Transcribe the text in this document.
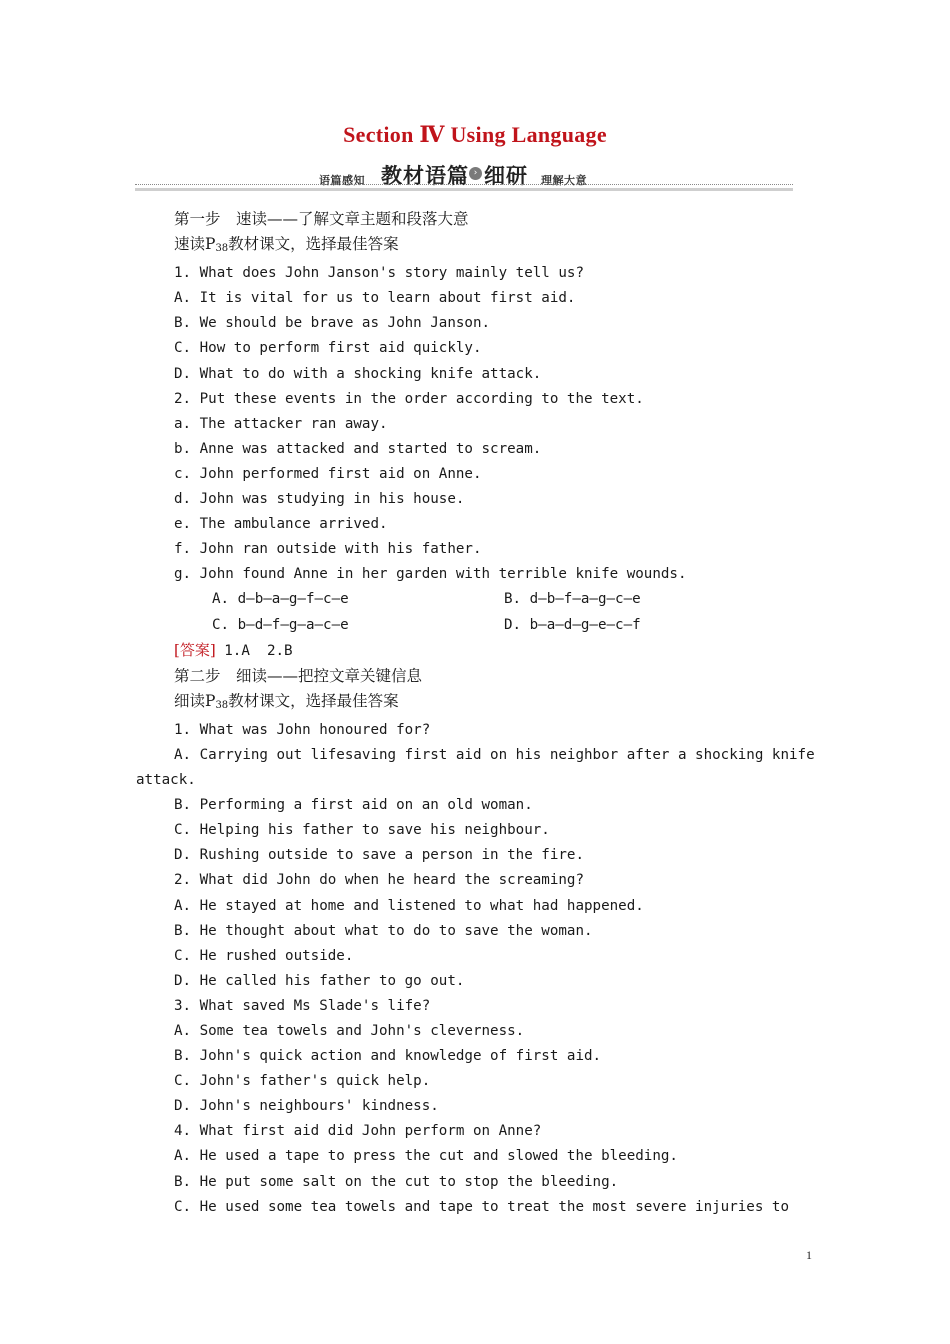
Section Ⅳ Using Language
语篇感知 教材语篇 › 细研 理解大意
第一步　速读——了解文章主题和段落大意
速读$P_{38}$教材课文，选择最佳答案
1. What does John Janson's story mainly tell us?
A. It is vital for us to learn about first aid.
B. We should be brave as John Janson.
C. How to perform first aid quickly.
D. What to do with a shocking knife attack.
2. Put these events in the order according to the text.
a. The attacker ran away.
b. Anne was attacked and started to scream.
c. John performed first aid on Anne.
d. John was studying in his house.
e. The ambulance arrived.
f. John ran outside with his father.
g. John found Anne in her garden with terrible knife wounds.
A. d—b—a—g—f—c—e	B. d—b—f—a—g—c—e
C. b—d—f—g—a—c—e	D. b—a—d—g—e—c—f
[答案] 1.A  2.B
第二步　细读——把控文章关键信息
细读$P_{38}$教材课文，选择最佳答案
1. What was John honoured for?
A. Carrying out lifesaving first aid on his neighbor after a shocking knife
attack.
B. Performing a first aid on an old woman.
C. Helping his father to save his neighbour.
D. Rushing outside to save a person in the fire.
2. What did John do when he heard the screaming?
A. He stayed at home and listened to what had happened.
B. He thought about what to do to save the woman.
C. He rushed outside.
D. He called his father to go out.
3. What saved Ms Slade's life?
A. Some tea towels and John's cleverness.
B. John's quick action and knowledge of first aid.
C. John's father's quick help.
D. John's neighbours' kindness.
4. What first aid did John perform on Anne?
A. He used a tape to press the cut and slowed the bleeding.
B. He put some salt on the cut to stop the bleeding.
C. He used some tea towels and tape to treat the most severe injuries to
1
